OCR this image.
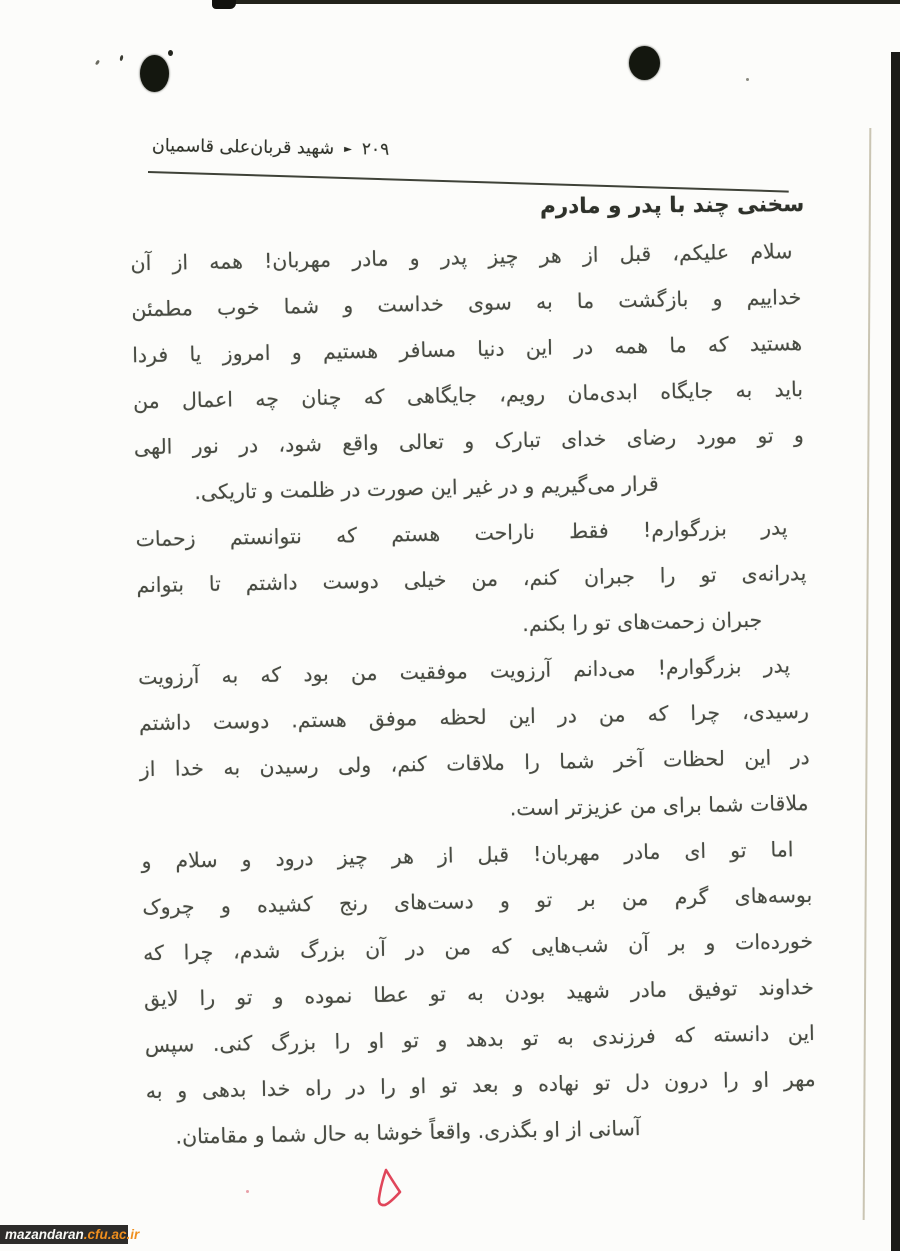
شهید قربان‌علی قاسمیان ► ۲۰۹
سخنی چند با پدر و مادرم
سلام علیکم، قبل از هر چیز پدر و مادر مهربان! همه از آن
خداییم و بازگشت ما به سوی خداست و شما خوب مطمئن
هستید که ما همه در این دنیا مسافر هستیم و امروز یا فردا
باید به جایگاه ابدی‌مان رویم، جایگاهی که چنان چه اعمال من
و تو مورد رضای خدای تبارک و تعالی واقع شود، در نور الهی
قرار می‌گیریم و در غیر این صورت در ظلمت و تاریکی.
پدر بزرگوارم! فقط ناراحت هستم که نتوانستم زحمات
پدرانه‌ی تو را جبران کنم، من خیلی دوست داشتم تا بتوانم
جبران زحمت‌های تو را بکنم.
پدر بزرگوارم! می‌دانم آرزویت موفقیت من بود که به آرزویت
رسیدی، چرا که من در این لحظه موفق هستم. دوست داشتم
در این لحظات آخر شما را ملاقات کنم، ولی رسیدن به خدا از
ملاقات شما برای من عزیزتر است.
اما تو ای مادر مهربان! قبل از هر چیز درود و سلام و
بوسه‌های گرم من بر تو و دست‌های رنج کشیده و چروک
خورده‌ات و بر آن شب‌هایی که من در آن بزرگ شدم، چرا که
خداوند توفیق مادر شهید بودن به تو عطا نموده و تو را لایق
این دانسته که فرزندی به تو بدهد و تو او را بزرگ کنی. سپس
مهر او را درون دل تو نهاده و بعد تو او را در راه خدا بدهی و به
آسانی از او بگذری. واقعاً خوشا به حال شما و مقامتان.
mazandaran .cfu.ac.ir
